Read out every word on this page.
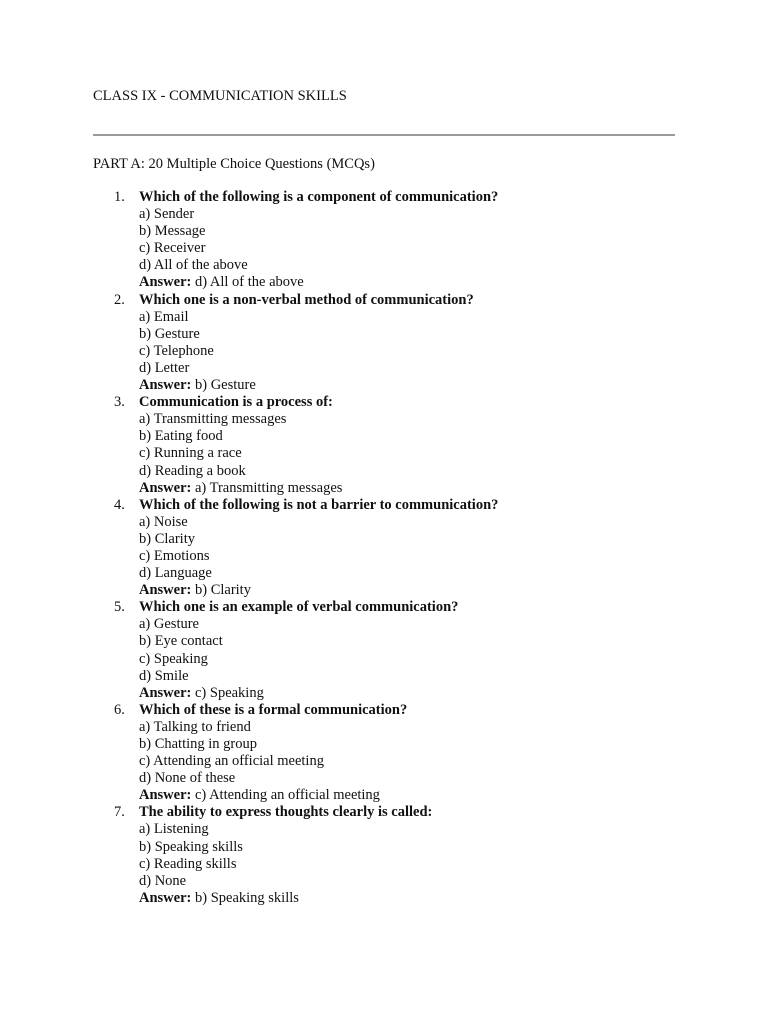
CLASS IX - COMMUNICATION SKILLS
PART A: 20 Multiple Choice Questions (MCQs)
1. Which of the following is a component of communication?
a) Sender
b) Message
c) Receiver
d) All of the above
Answer: d) All of the above
2. Which one is a non-verbal method of communication?
a) Email
b) Gesture
c) Telephone
d) Letter
Answer: b) Gesture
3. Communication is a process of:
a) Transmitting messages
b) Eating food
c) Running a race
d) Reading a book
Answer: a) Transmitting messages
4. Which of the following is not a barrier to communication?
a) Noise
b) Clarity
c) Emotions
d) Language
Answer: b) Clarity
5. Which one is an example of verbal communication?
a) Gesture
b) Eye contact
c) Speaking
d) Smile
Answer: c) Speaking
6. Which of these is a formal communication?
a) Talking to friend
b) Chatting in group
c) Attending an official meeting
d) None of these
Answer: c) Attending an official meeting
7. The ability to express thoughts clearly is called:
a) Listening
b) Speaking skills
c) Reading skills
d) None
Answer: b) Speaking skills
